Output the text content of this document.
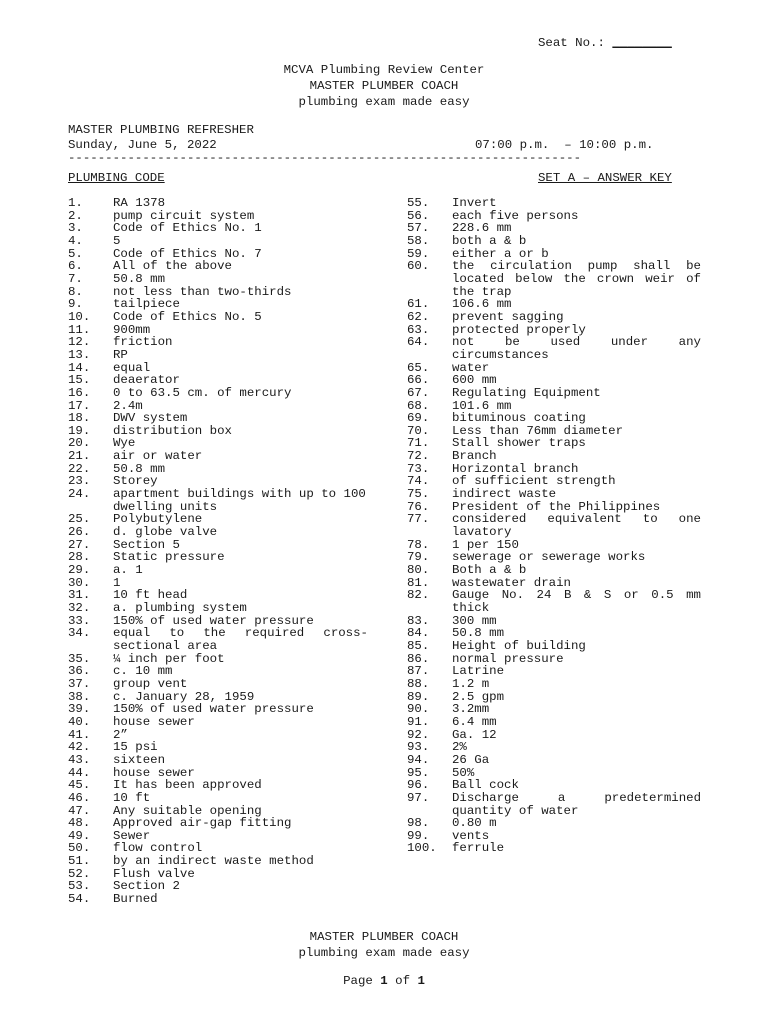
Seat No.: ________
MCVA Plumbing Review Center
MASTER PLUMBER COACH
plumbing exam made easy
MASTER PLUMBING REFRESHER
Sunday, June 5, 2022	07:00 p.m.  – 10:00 p.m.
---------------------------------------------------------------------
PLUMBING CODE	SET A – ANSWER KEY
1.	RA 1378
2.	pump circuit system
3.	Code of Ethics No. 1
4.	5
5.	Code of Ethics No. 7
6.	All of the above
7.	50.8 mm
8.	not less than two-thirds
9.	tailpiece
10.	Code of Ethics No. 5
11.	900mm
12.	friction
13.	RP
14.	equal
15.	deaerator
16.	0 to 63.5 cm. of mercury
17.	2.4m
18.	DWV system
19.	distribution box
20.	Wye
21.	air or water
22.	50.8 mm
23.	Storey
24.	apartment buildings with up to 100 dwelling units
25.	Polybutylene
26.	d. globe valve
27.	Section 5
28.	Static pressure
29.	a. 1
30.	1
31.	10 ft head
32.	a. plumbing system
33.	150% of used water pressure
34.	equal to the required cross-sectional area
35.	¼ inch per foot
36.	c. 10 mm
37.	group vent
38.	c. January 28, 1959
39.	150% of used water pressure
40.	house sewer
41.	2”
42.	15 psi
43.	sixteen
44.	house sewer
45.	It has been approved
46.	10 ft
47.	Any suitable opening
48.	Approved air-gap fitting
49.	Sewer
50.	flow control
51.	by an indirect waste method
52.	Flush valve
53.	Section 2
54.	Burned
55.	Invert
56.	each five persons
57.	228.6 mm
58.	both a & b
59.	either a or b
60.	the circulation pump shall be located below the crown weir of the trap
61.	106.6 mm
62.	prevent sagging
63.	protected properly
64.	not be used under any circumstances
65.	water
66.	600 mm
67.	Regulating Equipment
68.	101.6 mm
69.	bituminous coating
70.	Less than 76mm diameter
71.	Stall shower traps
72.	Branch
73.	Horizontal branch
74.	of sufficient strength
75.	indirect waste
76.	President of the Philippines
77.	considered equivalent to one lavatory
78.	1 per 150
79.	sewerage or sewerage works
80.	Both a & b
81.	wastewater drain
82.	Gauge No. 24 B & S or 0.5 mm thick
83.	300 mm
84.	50.8 mm
85.	Height of building
86.	normal pressure
87.	Latrine
88.	1.2 m
89.	2.5 gpm
90.	3.2mm
91.	6.4 mm
92.	Ga. 12
93.	2%
94.	26 Ga
95.	50%
96.	Ball cock
97.	Discharge a predetermined quantity of water
98.	0.80 m
99.	vents
100.	ferrule
MASTER PLUMBER COACH
plumbing exam made easy
Page 1 of 1
